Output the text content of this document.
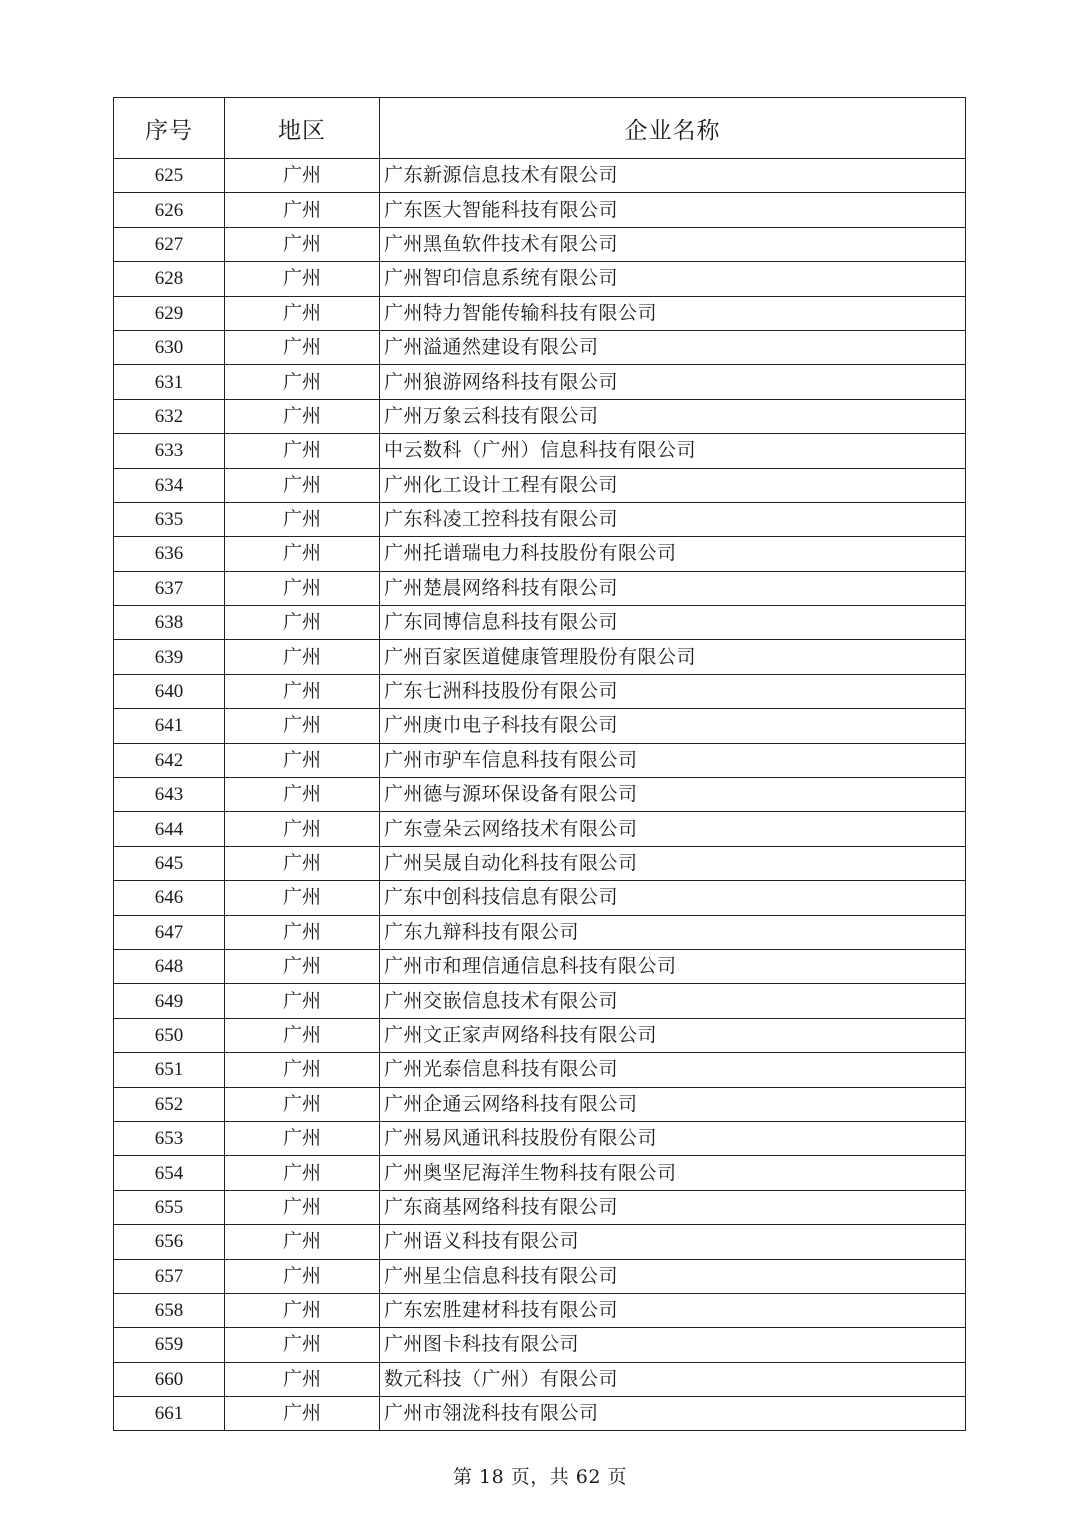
序号	地区	企业名称
625	广州	广东新源信息技术有限公司
626	广州	广东医大智能科技有限公司
627	广州	广州黑鱼软件技术有限公司
628	广州	广州智印信息系统有限公司
629	广州	广州特力智能传输科技有限公司
630	广州	广州溢通然建设有限公司
631	广州	广州狼游网络科技有限公司
632	广州	广州万象云科技有限公司
633	广州	中云数科（广州）信息科技有限公司
634	广州	广州化工设计工程有限公司
635	广州	广东科凌工控科技有限公司
636	广州	广州托谱瑞电力科技股份有限公司
637	广州	广州楚晨网络科技有限公司
638	广州	广东同博信息科技有限公司
639	广州	广州百家医道健康管理股份有限公司
640	广州	广东七洲科技股份有限公司
641	广州	广州庚巾电子科技有限公司
642	广州	广州市驴车信息科技有限公司
643	广州	广州德与源环保设备有限公司
644	广州	广东壹朵云网络技术有限公司
645	广州	广州吴晟自动化科技有限公司
646	广州	广东中创科技信息有限公司
647	广州	广东九辩科技有限公司
648	广州	广州市和理信通信息科技有限公司
649	广州	广州交嵌信息技术有限公司
650	广州	广州文正家声网络科技有限公司
651	广州	广州光泰信息科技有限公司
652	广州	广州企通云网络科技有限公司
653	广州	广州易风通讯科技股份有限公司
654	广州	广州奥坚尼海洋生物科技有限公司
655	广州	广东商基网络科技有限公司
656	广州	广州语义科技有限公司
657	广州	广州星尘信息科技有限公司
658	广州	广东宏胜建材科技有限公司
659	广州	广州图卡科技有限公司
660	广州	数元科技（广州）有限公司
661	广州	广州市翎泷科技有限公司
第 18 页，共 62 页
